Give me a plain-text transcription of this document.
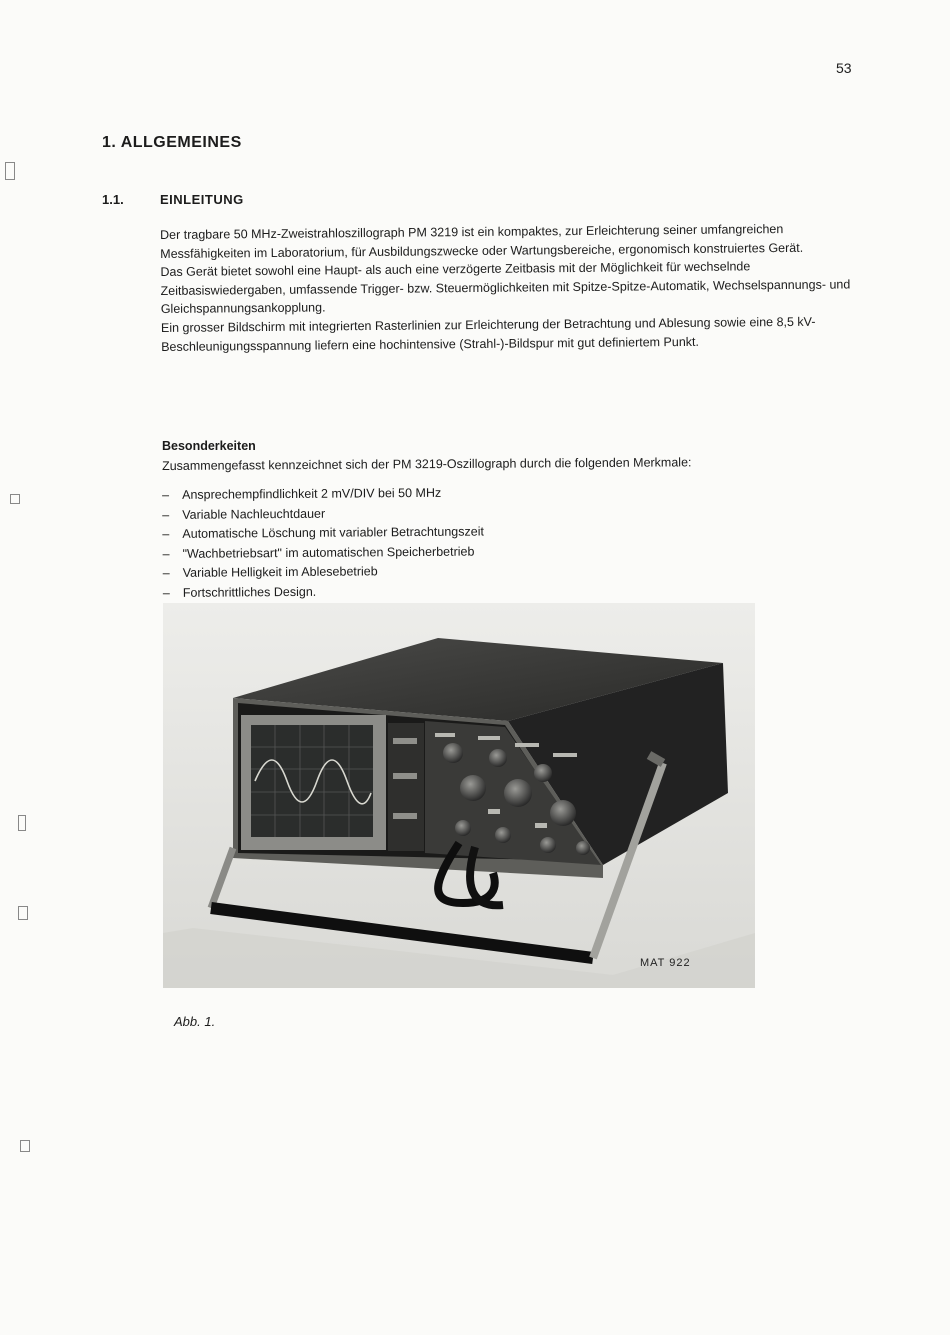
53
1. ALLGEMEINES
1.1.	EINLEITUNG

Der tragbare 50 MHz-Zweistrahloszillograph PM 3219 ist ein kompaktes, zur Erleichterung seiner umfangreichen Messfähigkeiten im Laboratorium, für Ausbildungszwecke oder Wartungsbereiche, ergonomisch konstruiertes Gerät.

Das Gerät bietet sowohl eine Haupt- als auch eine verzögerte Zeitbasis mit der Möglichkeit für wechselnde Zeitbasiswiedergaben, umfassende Trigger- bzw. Steuermöglichkeiten mit Spitze-Spitze-Automatik, Wechselspannungs- und Gleichspannungsankopplung.

Ein grosser Bildschirm mit integrierten Rasterlinien zur Erleichterung der Betrachtung und Ablesung sowie eine 8,5 kV-Beschleunigungsspannung liefern eine hochintensive (Strahl-)-Bildspur mit gut definiertem Punkt.

Besonderkeiten
Zusammengefasst kennzeichnet sich der PM 3219-Oszillograph durch die folgenden Merkmale:
– Ansprechempfindlichkeit 2 mV/DIV bei 50 MHz
– Variable Nachleuchtdauer
– Automatische Löschung mit variabler Betrachtungszeit
– "Wachbetriebsart" im automatischen Speicherbetrieb
– Variable Helligkeit im Ablesebetrieb
– Fortschrittliches Design.
MAT 922
Abb. 1.
